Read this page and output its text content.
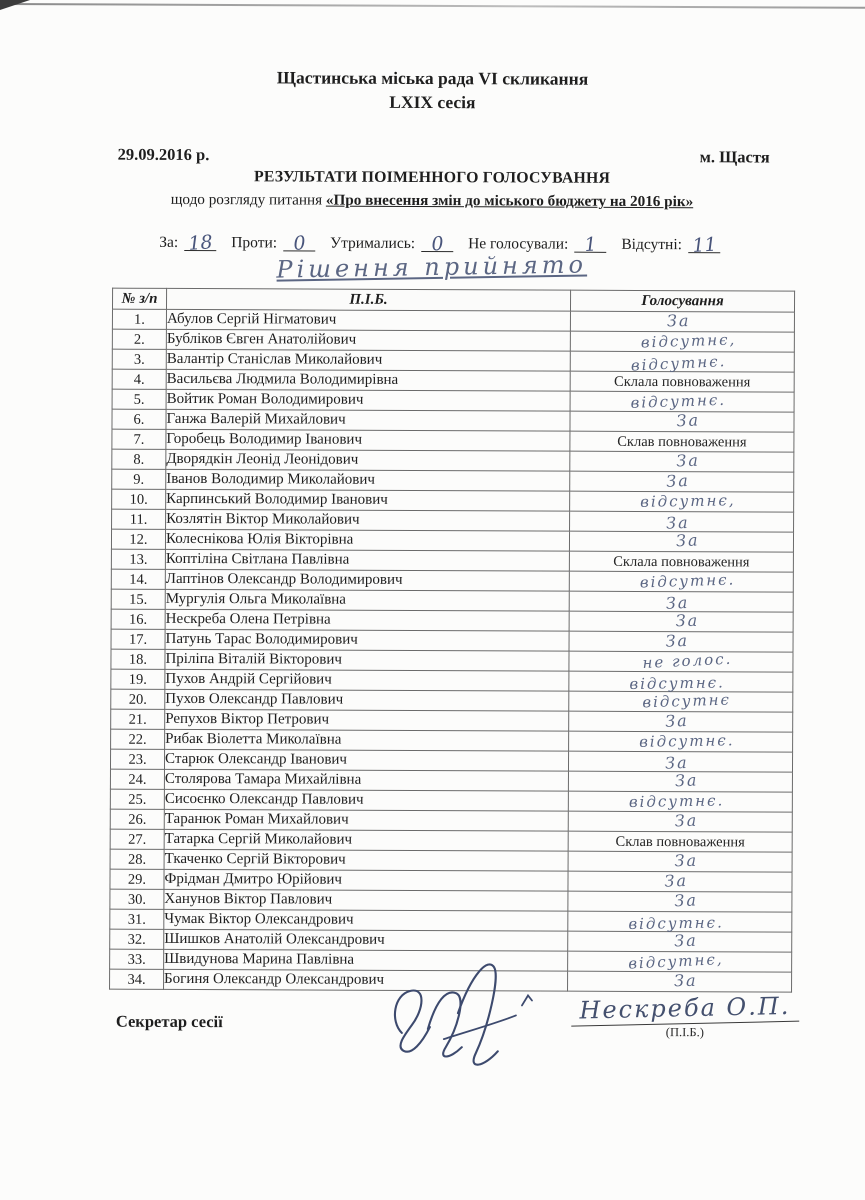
Щастинська міська рада VI скликання
LXIX сесія
29.09.2016 р.	м. Щастя
РЕЗУЛЬТАТИ ПОІМЕННОГО ГОЛОСУВАННЯ
щодо розгляду питання «Про внесення змін до міського бюджету на 2016 рік»
За: 18 Проти: 0	Утримались: 0	Не голосували: 1	Відсутні: 11
Рішення прийнято
№ з/п	П.І.Б.	Голосування
1.	Абулов Сергій Нігматович	За
2.	Бубліков Євген Анатолійович	відсутнє,
3.	Валантір Станіслав Миколайович	відсутнє.
4.	Васильєва Людмила Володимирівна	Склала повноваження
5.	Войтик Роман Володимирович	відсутнє.
6.	Ганжа Валерій Михайлович	За
7.	Горобець Володимир Іванович	Склав повноваження
8.	Дворядкін Леонід Леонідович	За
9.	Іванов Володимир Миколайович	За
10.	Карпинський Володимир Іванович	відсутнє,
11.	Козлятін Віктор Миколайович	За
12.	Колеснікова Юлія Вікторівна	За
13.	Коптіліна Світлана Павлівна	Склала повноваження
14.	Лаптінов Олександр Володимирович	відсутнє.
15.	Мургулія Ольга Миколаївна	За
16.	Нескреба Олена Петрівна	За
17.	Патунь Тарас Володимирович	За
18.	Пріліпа Віталій Вікторович	не голос.
19.	Пухов Андрій Сергійович	відсутнє.
20.	Пухов Олександр Павлович	відсутнє
21.	Репухов Віктор Петрович	За
22.	Рибак Віолетта Миколаївна	відсутнє.
23.	Старюк Олександр Іванович	За
24.	Столярова Тамара Михайлівна	За
25.	Сисоєнко Олександр Павлович	відсутнє.
26.	Таранюк Роман Михайлович	За
27.	Татарка Сергій Миколайович	Склав повноваження
28.	Ткаченко Сергій Вікторович	За
29.	Фрідман Дмитро Юрійович	За
30.	Ханунов Віктор Павлович	За
31.	Чумак Віктор Олександрович	відсутнє.
32.	Шишков Анатолій Олександрович	За
33.	Швидунова Марина Павлівна	відсутнє,
34.	Богиня Олександр Олександрович	За
Секретар сесії	Нескреба О.П.
(П.І.Б.)
